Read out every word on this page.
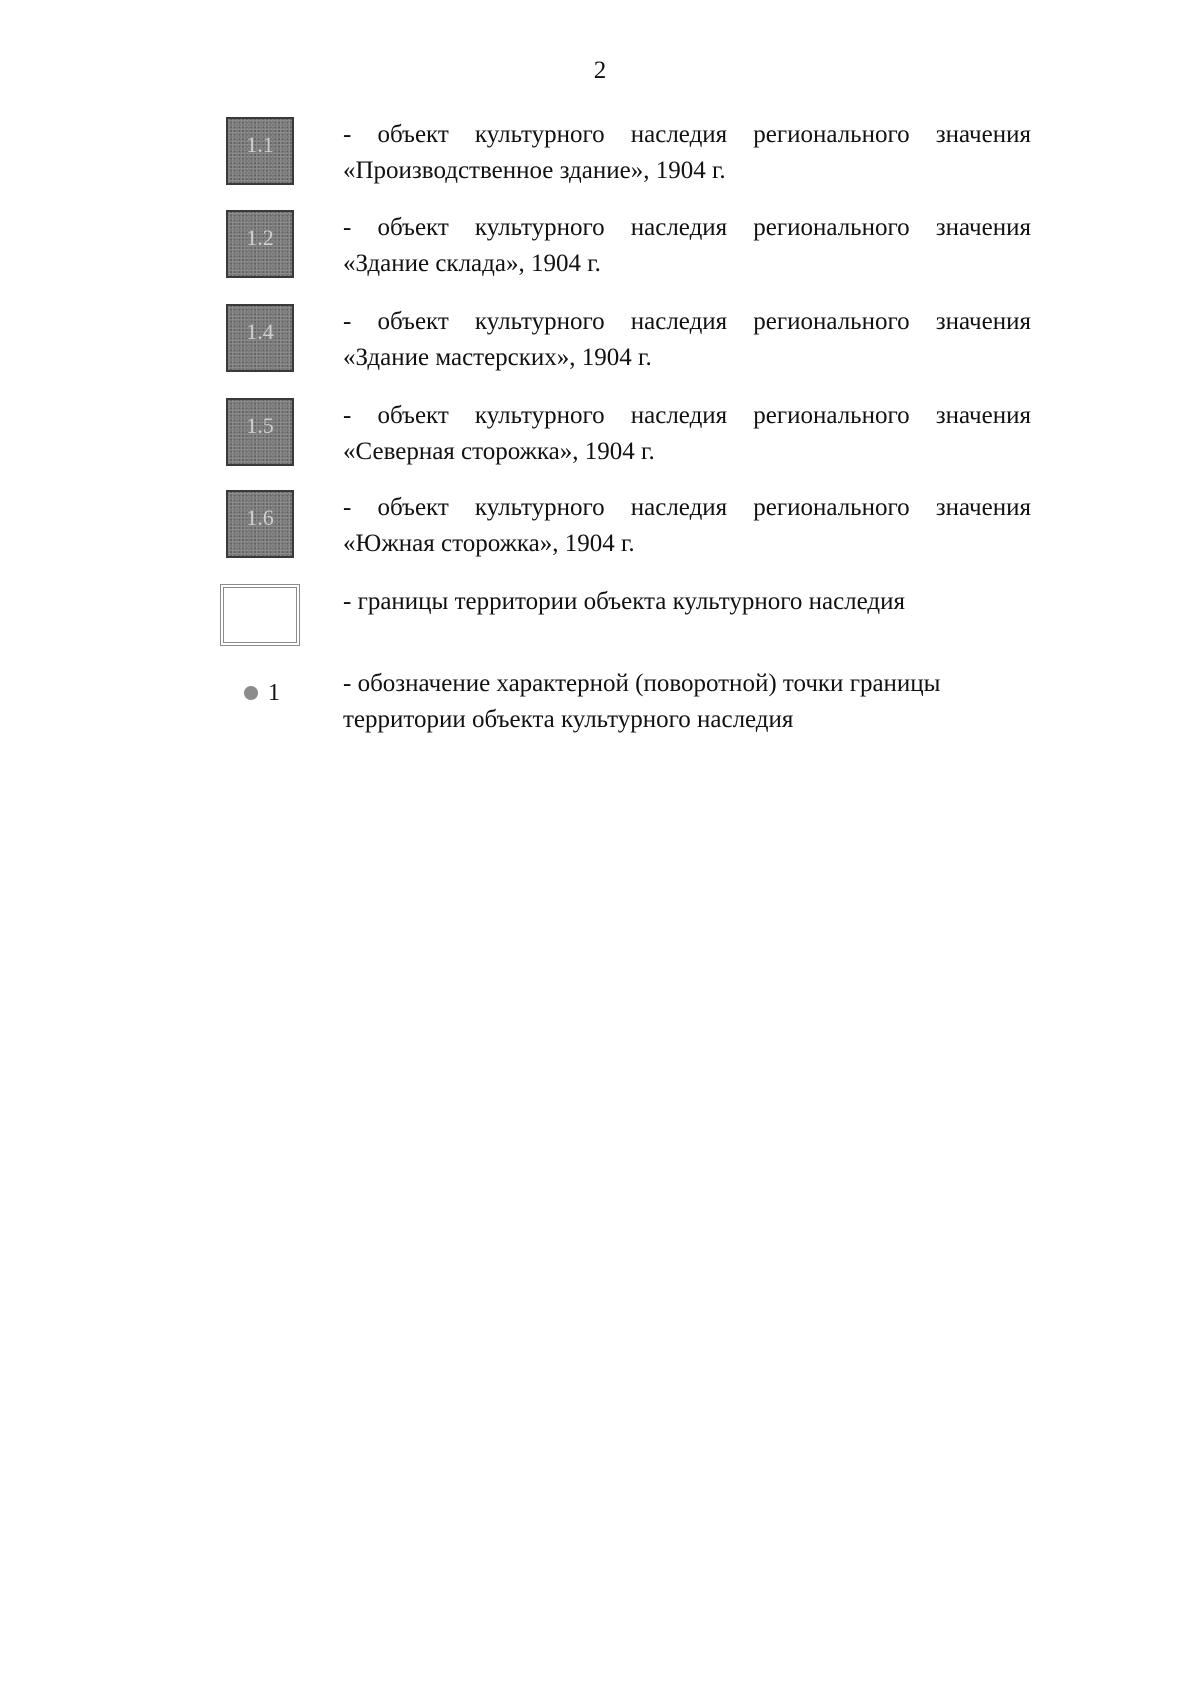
2
1.1	- объект культурного наследия регионального значения
«Производственное здание», 1904 г.
1.2	- объект культурного наследия регионального значения
«Здание склада», 1904 г.
1.4	- объект культурного наследия регионального значения
«Здание мастерских», 1904 г.
1.5	- объект культурного наследия регионального значения
«Северная сторожка», 1904 г.
1.6	- объект культурного наследия регионального значения
«Южная сторожка», 1904 г.
- границы территории объекта культурного наследия
1	- обозначение характерной (поворотной) точки границы
территории объекта культурного наследия
